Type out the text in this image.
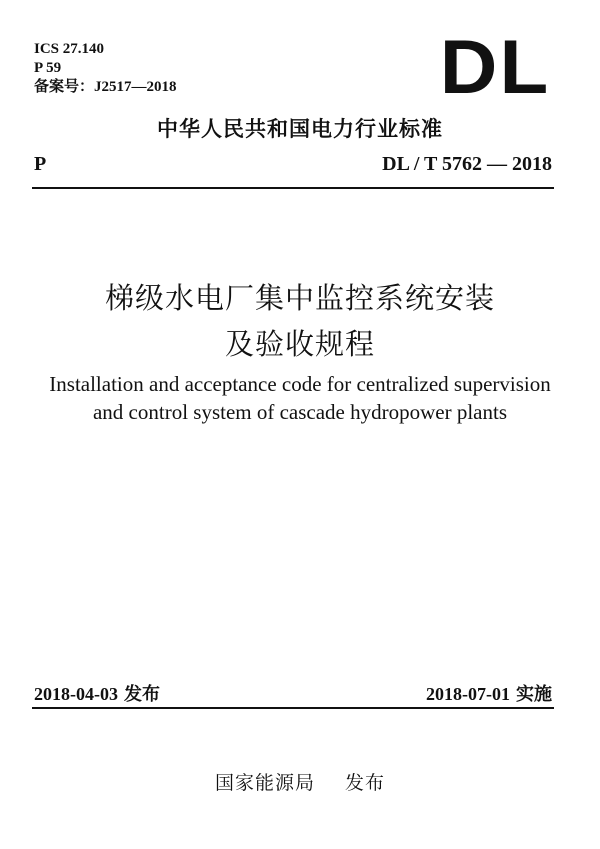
ICS 27.140
P 59
备案号：J2517—2018	DL
中华人民共和国电力行业标准
P	DL / T 5762 — 2018
梯级水电厂集中监控系统安装
及验收规程
Installation and acceptance code for centralized supervision
and control system of cascade hydropower plants
2018-04-03 发布	2018-07-01 实施
国家能源局 发布
